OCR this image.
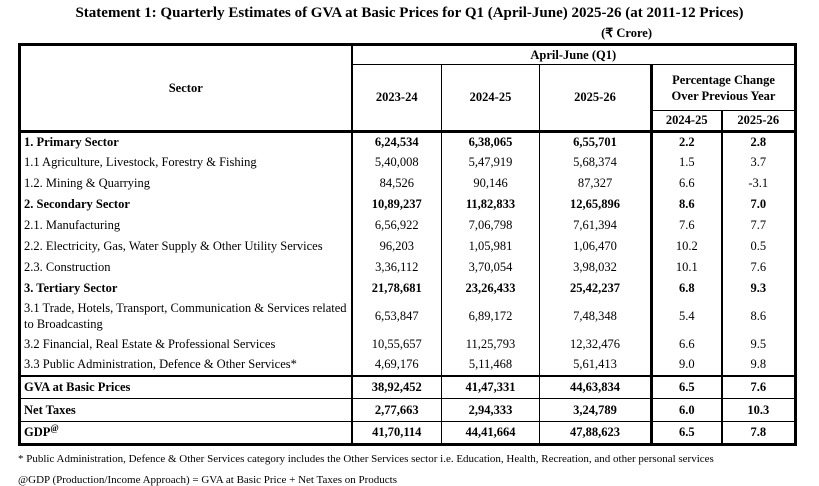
Statement 1: Quarterly Estimates of GVA at Basic Prices for Q1 (April-June) 2025-26 (at 2011-12 Prices)
(₹ Crore)
Sector	April-June (Q1)				
	2023-24	2024-25	2025-26	Percentage Change Over Previous Year	
				2024-25	2025-26
1. Primary Sector	6,24,534	6,38,065	6,55,701	2.2	2.8
1.1 Agriculture, Livestock, Forestry & Fishing	5,40,008	5,47,919	5,68,374	1.5	3.7
1.2. Mining & Quarrying	84,526	90,146	87,327	6.6	-3.1
2. Secondary Sector	10,89,237	11,82,833	12,65,896	8.6	7.0
2.1. Manufacturing	6,56,922	7,06,798	7,61,394	7.6	7.7
2.2. Electricity, Gas, Water Supply & Other Utility Services	96,203	1,05,981	1,06,470	10.2	0.5
2.3. Construction	3,36,112	3,70,054	3,98,032	10.1	7.6
3. Tertiary Sector	21,78,681	23,26,433	25,42,237	6.8	9.3
3.1 Trade, Hotels, Transport, Communication & Services related to Broadcasting	6,53,847	6,89,172	7,48,348	5.4	8.6
3.2 Financial, Real Estate & Professional Services	10,55,657	11,25,793	12,32,476	6.6	9.5
3.3 Public Administration, Defence & Other Services*	4,69,176	5,11,468	5,61,413	9.0	9.8
GVA at Basic Prices	38,92,452	41,47,331	44,63,834	6.5	7.6
Net Taxes	2,77,663	2,94,333	3,24,789	6.0	10.3
GDP@	41,70,114	44,41,664	47,88,623	6.5	7.8

* Public Administration, Defence & Other Services category includes the Other Services sector i.e. Education, Health, Recreation, and other personal services

@GDP (Production/Income Approach) = GVA at Basic Price + Net Taxes on Products
